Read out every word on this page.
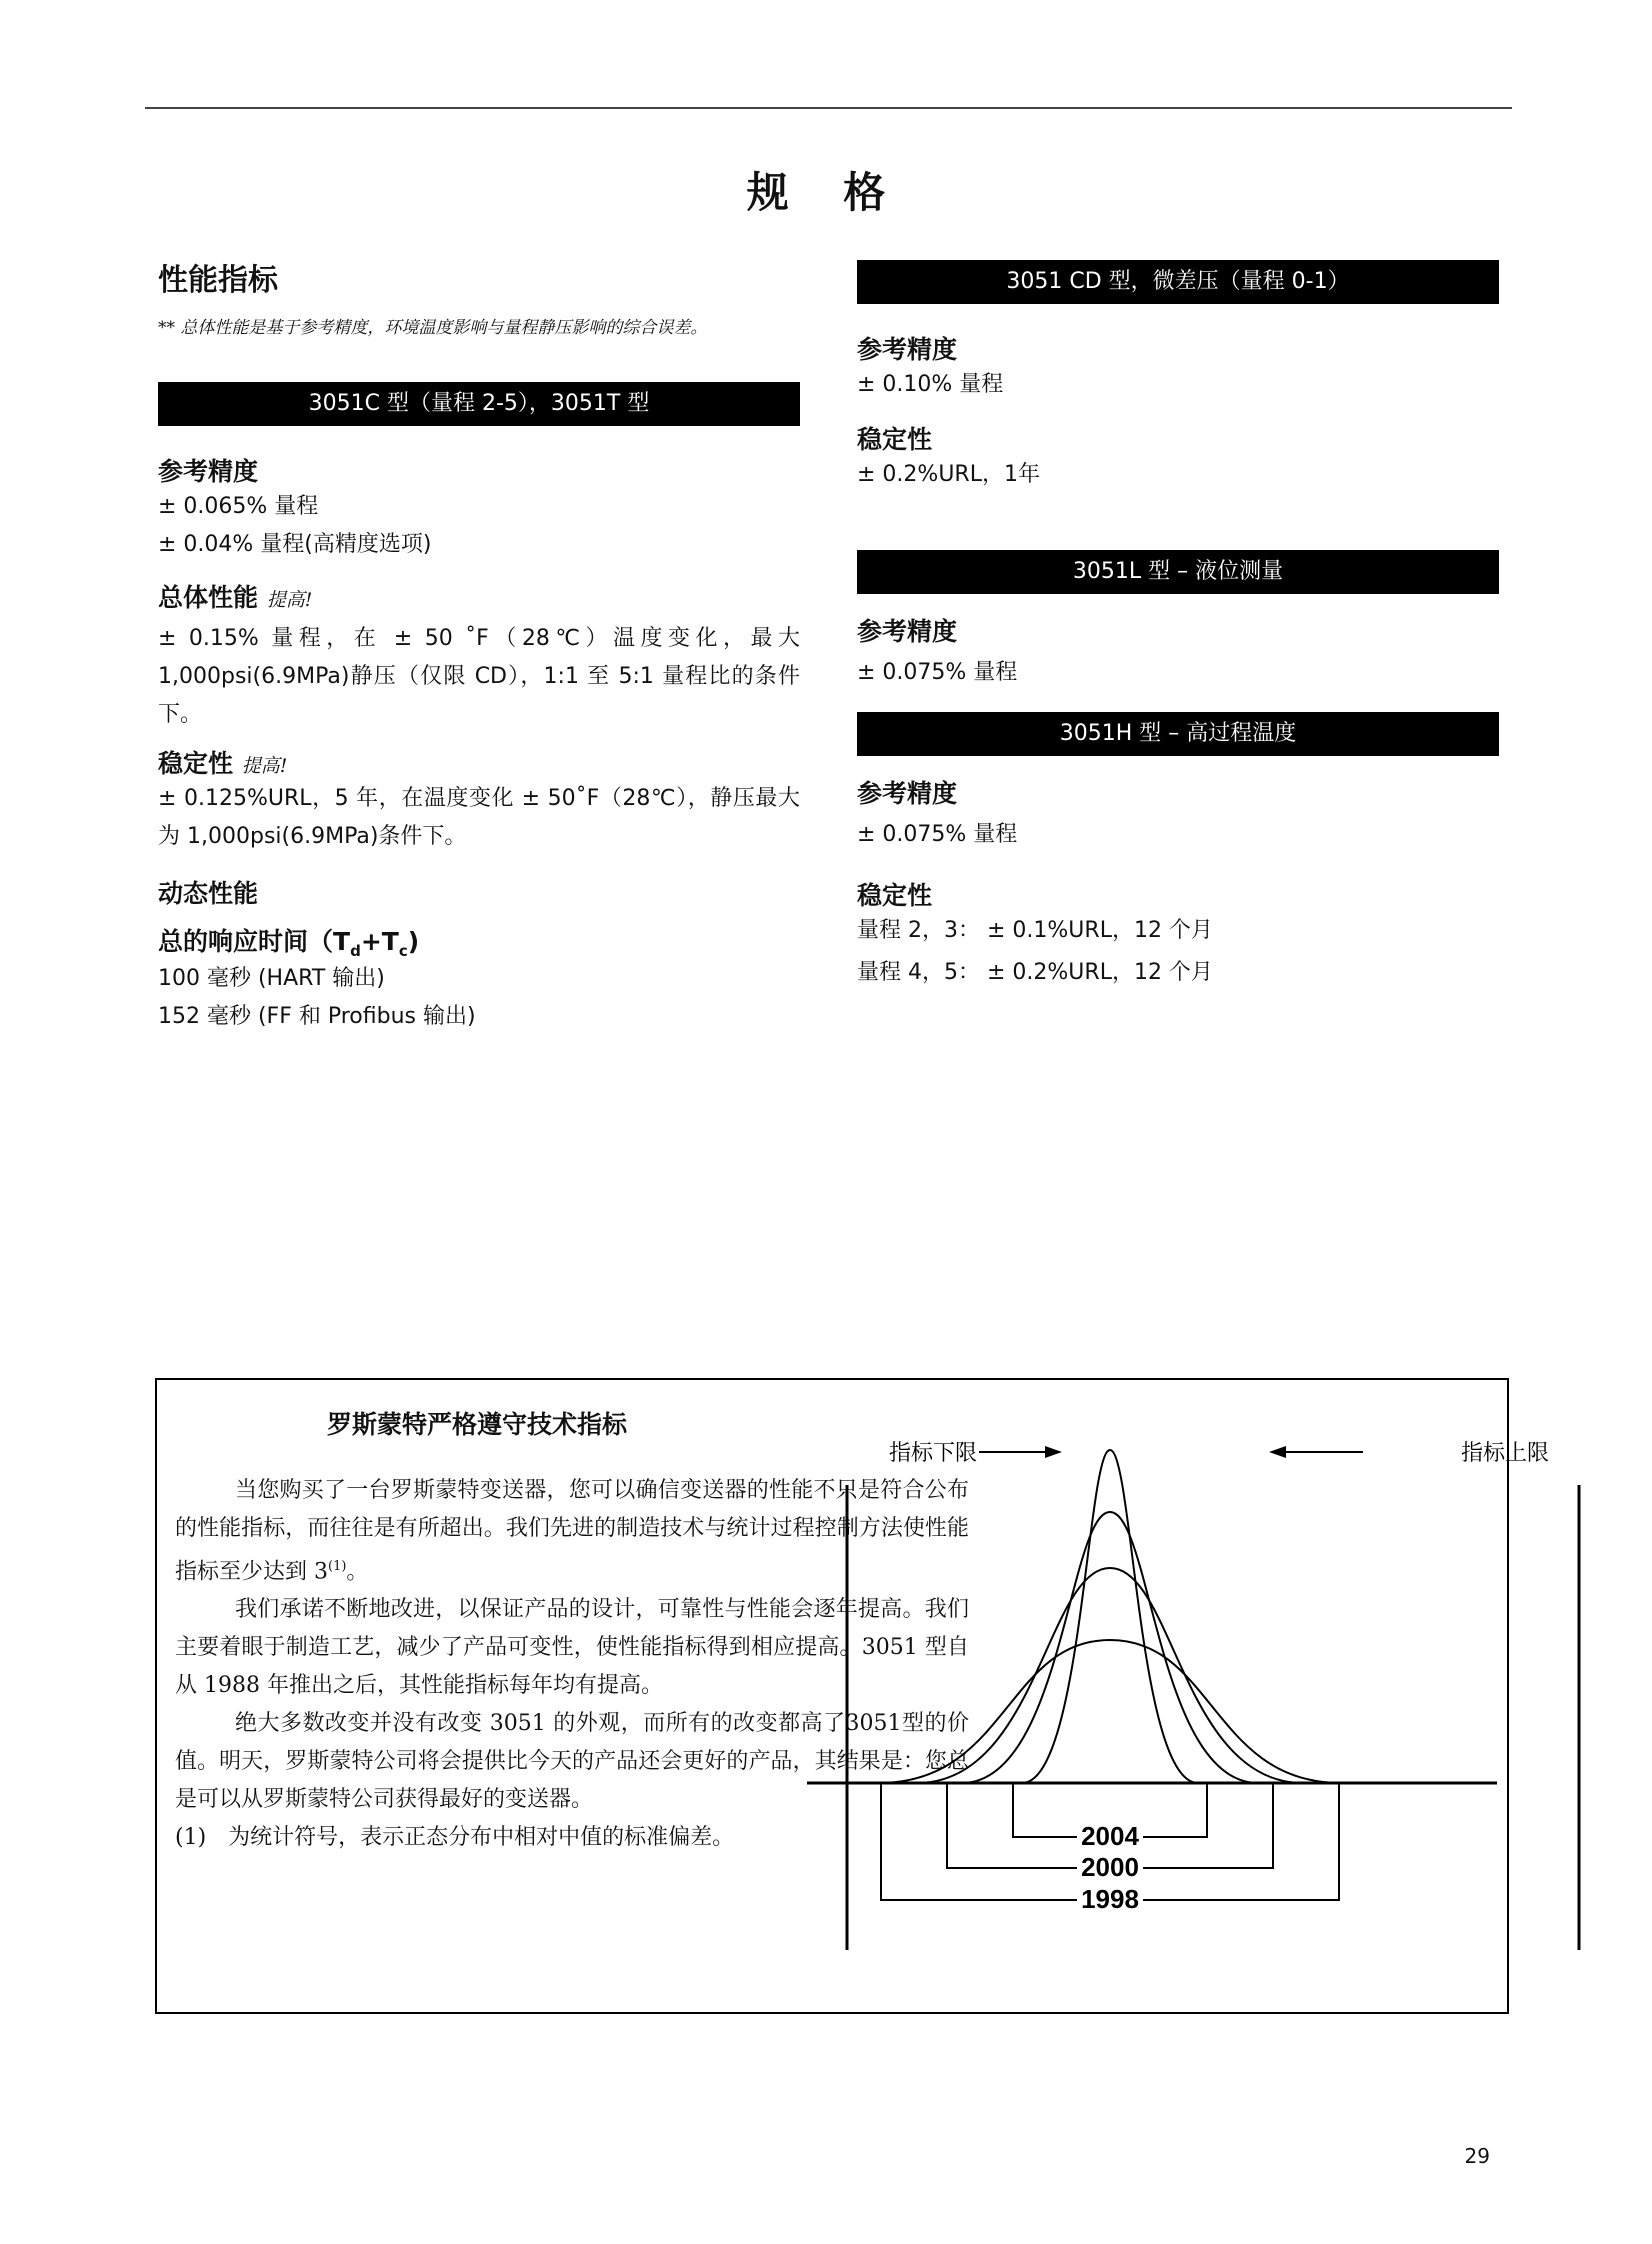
规 格
性能指标
** 总体性能是基于参考精度，环境温度影响与量程静压影响的综合误差。
3051C 型（量程 2-5），3051T 型
参考精度
± 0.065% 量程
± 0.04% 量程(高精度选项)
总体性能 提高!
± 0.15% 量程，在 ± 50 ˚F（28℃）温度变化，最大 1,000psi(6.9MPa)静压（仅限 CD），1:1 至 5:1 量程比的条件下。
稳定性 提高!
± 0.125%URL，5 年，在温度变化 ± 50˚F（28℃），静压最大为 1,000psi(6.9MPa)条件下。
动态性能
总的响应时间$(T_d+T_c)$
100 毫秒 (HART 输出)
152 毫秒 (FF 和 Profibus 输出)
3051 CD 型，微差压（量程 0-1）
参考精度
± 0.10% 量程
稳定性
± 0.2%URL，1年
3051L 型 – 液位测量
参考精度
± 0.075% 量程
3051H 型 – 高过程温度
参考精度
± 0.075% 量程
稳定性
量程 2，3： ± 0.1%URL，12 个月
量程 4，5： ± 0.2%URL，12 个月
罗斯蒙特严格遵守技术指标

当您购买了一台罗斯蒙特变送器，您可以确信变送器的性能不只是符合公布的性能指标，而往往是有所超出。我们先进的制造技术与统计过程控制方法使性能指标至少达到 3$^{(1)}$。

我们承诺不断地改进，以保证产品的设计，可靠性与性能会逐年提高。我们主要着眼于制造工艺，减少了产品可变性，使性能指标得到相应提高。3051 型自从 1988 年推出之后，其性能指标每年均有提高。

绝大多数改变并没有改变 3051 的外观，而所有的改变都高了3051型的价值。明天，罗斯蒙特公司将会提供比今天的产品还会更好的产品，其结果是：您总是可以从罗斯蒙特公司获得最好的变送器。

(1)　为统计符号，表示正态分布中相对中值的标准偏差。

指标下限	指标上限
2004
2000
1998
29
